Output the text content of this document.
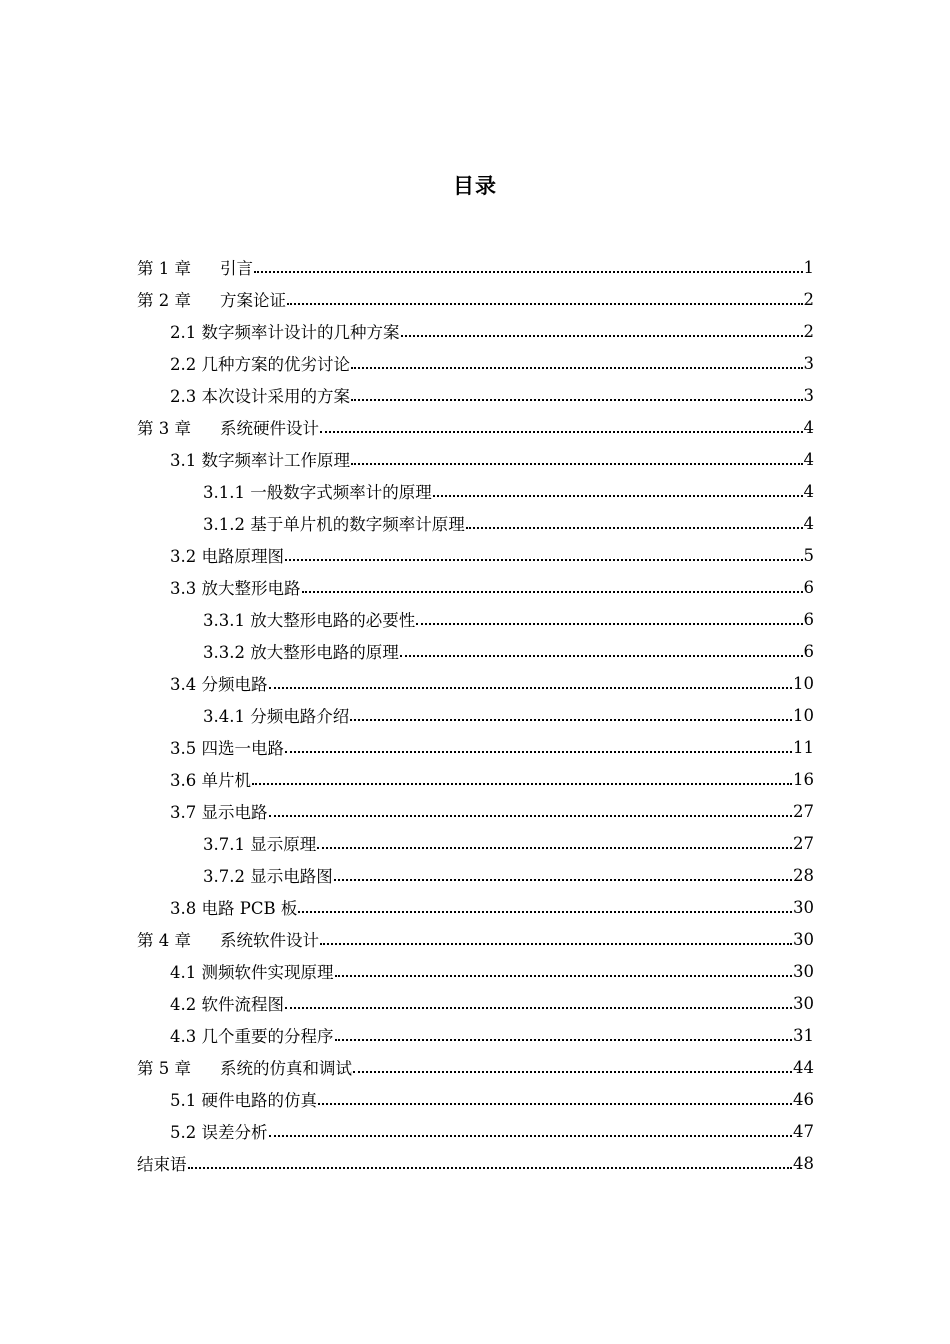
目录
第 1 章 引言	1
第 2 章 方案论证	2
2.1 数字频率计设计的几种方案	2
2.2 几种方案的优劣讨论	3
2.3 本次设计采用的方案	3
第 3 章 系统硬件设计	4
3.1 数字频率计工作原理	4
3.1.1 一般数字式频率计的原理	4
3.1.2 基于单片机的数字频率计原理	4
3.2 电路原理图	5
3.3 放大整形电路	6
3.3.1 放大整形电路的必要性	6
3.3.2 放大整形电路的原理	6
3.4 分频电路	10
3.4.1 分频电路介绍	10
3.5 四选一电路	11
3.6 单片机	16
3.7 显示电路	27
3.7.1 显示原理	27
3.7.2 显示电路图	28
3.8 电路 PCB 板	30
第 4 章 系统软件设计	30
4.1 测频软件实现原理	30
4.2 软件流程图	30
4.3 几个重要的分程序	31
第 5 章 系统的仿真和调试	44
5.1 硬件电路的仿真	46
5.2 误差分析	47
结束语	48
